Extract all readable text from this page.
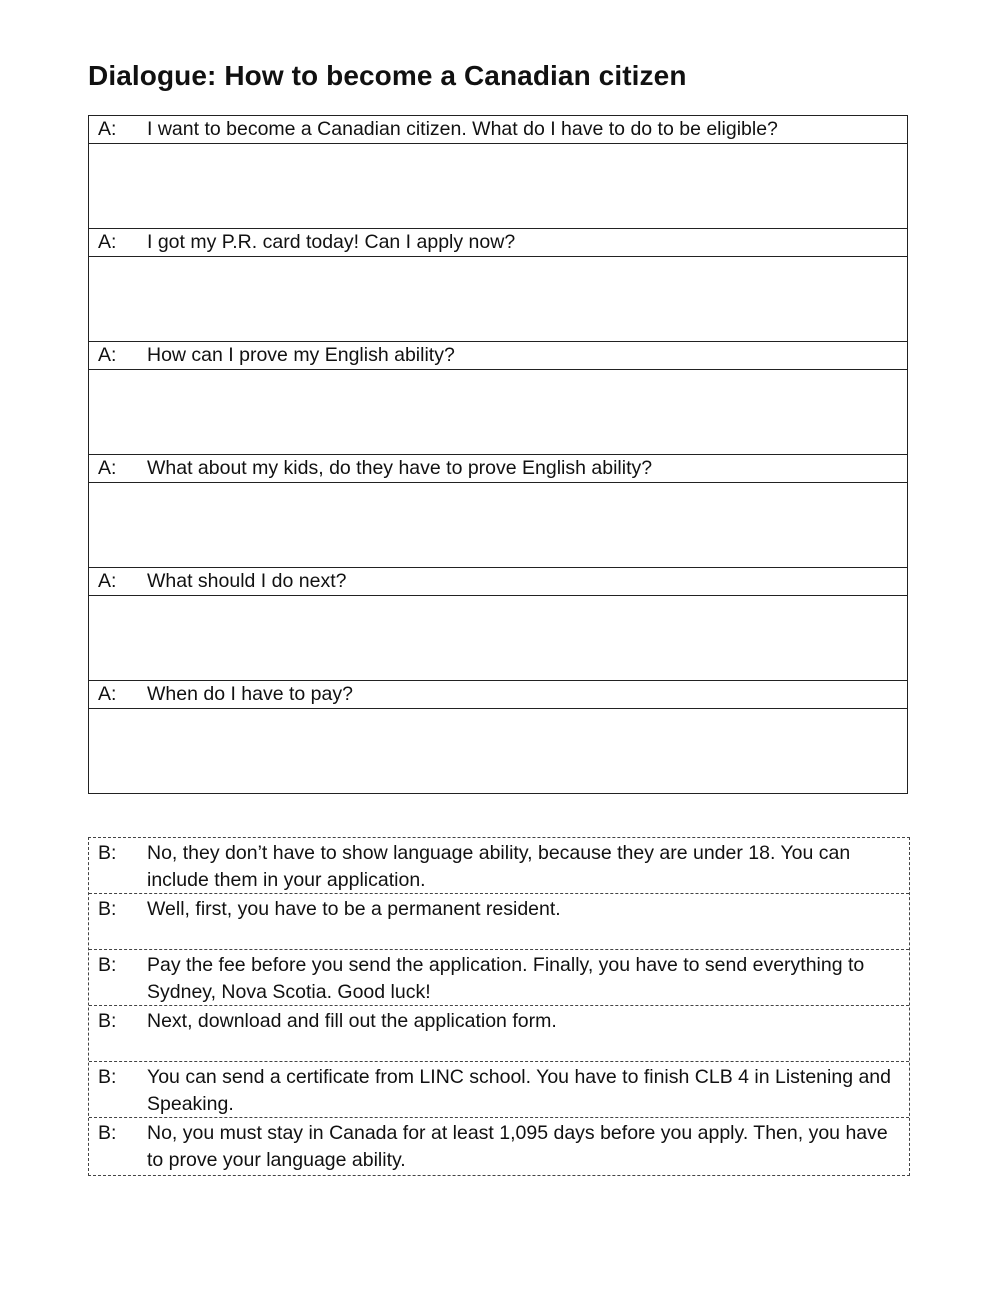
Dialogue: How to become a Canadian citizen
A:	I want to become a Canadian citizen. What do I have to do to be eligible?
A:	I got my P.R. card today! Can I apply now?
A:	How can I prove my English ability?
A:	What about my kids, do they have to prove English ability?
A:	What should I do next?
A:	When do I have to pay?
B:	No, they don’t have to show language ability, because they are under 18. You can include them in your application.
B:	Well, first, you have to be a permanent resident.
B:	Pay the fee before you send the application. Finally, you have to send everything to Sydney, Nova Scotia. Good luck!
B:	Next, download and fill out the application form.
B:	You can send a certificate from LINC school. You have to finish CLB 4 in Listening and Speaking.
B:	No, you must stay in Canada for at least 1,095 days before you apply. Then, you have to prove your language ability.
